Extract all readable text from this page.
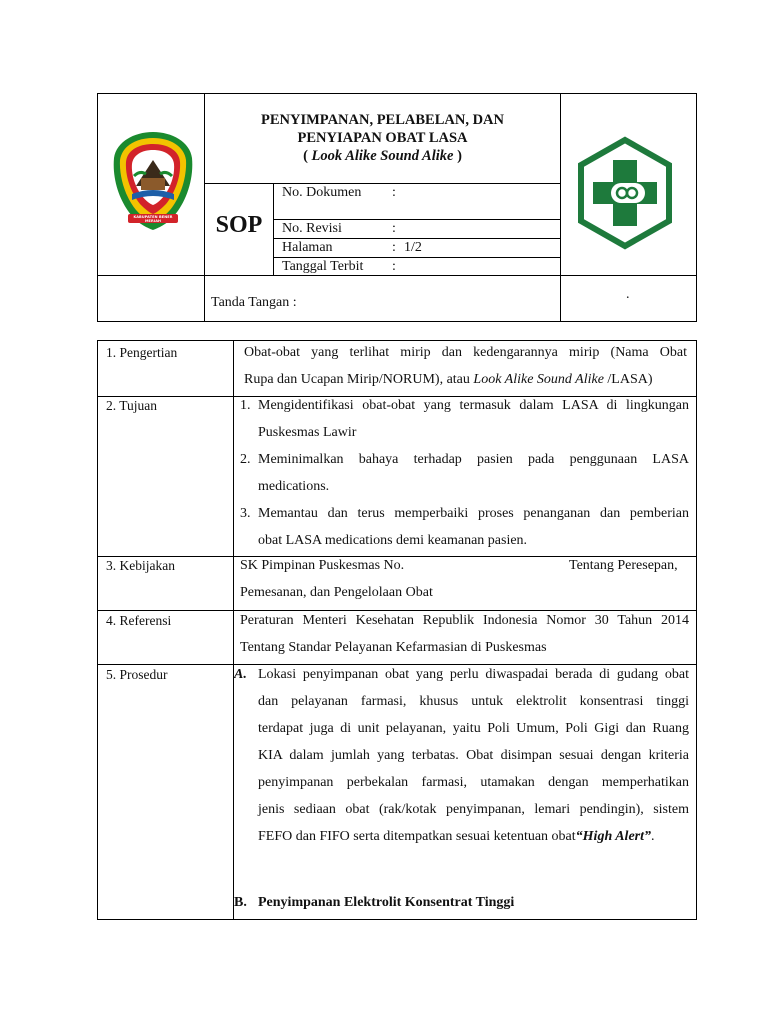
KABUPATEN BENER MERIAH
PENYIMPANAN, PELABELAN, DAN
PENYIAPAN OBAT LASA
( Look Alike Sound Alike )
SOP
No. Dokumen :
No. Revisi	:
Halaman	: 1/2
Tanggal Terbit :
Tanda Tangan :
.
1. Pengertian	Obat-obat yang terlihat mirip dan kedengarannya mirip (Nama Obat
Rupa dan Ucapan Mirip/NORUM), atau Look Alike Sound Alike /LASA)
2. Tujuan	1. Mengidentifikasi obat-obat yang termasuk dalam LASA di lingkungan
Puskesmas Lawir
2. Meminimalkan bahaya terhadap pasien pada penggunaan LASA
medications.
3. Memantau dan terus memperbaiki proses penanganan dan pemberian
obat LASA medications demi keamanan pasien.
3. Kebijakan	SK Pimpinan Puskesmas No.	Tentang Peresepan,
Pemesanan, dan Pengelolaan Obat
4. Referensi	Peraturan Menteri Kesehatan Republik Indonesia Nomor 30 Tahun 2014
Tentang Standar Pelayanan Kefarmasian di Puskesmas
5. Prosedur	A. Lokasi penyimpanan obat yang perlu diwaspadai berada di gudang obat
dan pelayanan farmasi, khusus untuk elektrolit konsentrasi tinggi
terdapat juga di unit pelayanan, yaitu Poli Umum, Poli Gigi dan Ruang
KIA dalam jumlah yang terbatas. Obat disimpan sesuai dengan kriteria
penyimpanan perbekalan farmasi, utamakan dengan memperhatikan
jenis sediaan obat (rak/kotak penyimpanan, lemari pendingin), sistem
FEFO dan FIFO serta ditempatkan sesuai ketentuan obat“High Alert”.
B. Penyimpanan Elektrolit Konsentrat Tinggi
